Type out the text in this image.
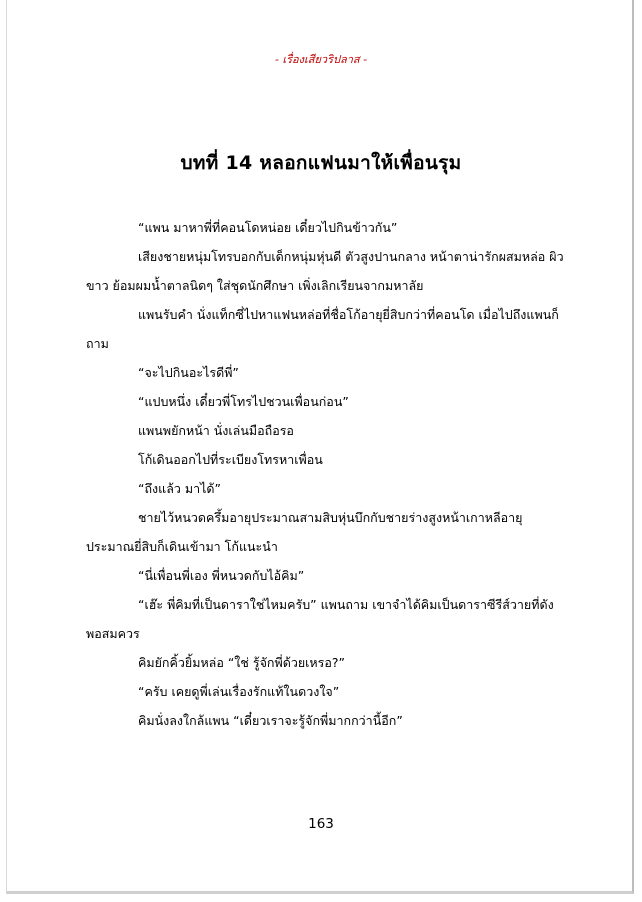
- เรื่องเสียวริปลาส -
บทที่ 14 หลอกแฟนมาให้เพื่อนรุม

“แพน มาหาพี่ที่คอนโดหน่อย เดี๋ยวไปกินข้าวกัน”

เสียงชายหนุ่มโทรบอกกับเด็กหนุ่มหุ่นดี ตัวสูงปานกลาง หน้าตาน่ารักผสมหล่อ ผิวขาว ย้อมผมน้ำตาลนิดๆ ใส่ชุดนักศึกษา เพิ่งเลิกเรียนจากมหาลัย

แพนรับคำ นั่งแท็กซี่ไปหาแฟนหล่อที่ชื่อโก้อายุยี่สิบกว่าที่คอนโด เมื่อไปถึงแพนก็ถาม

“จะไปกินอะไรดีพี่”

“แปบหนึ่ง เดี๋ยวพี่โทรไปชวนเพื่อนก่อน”

แพนพยักหน้า นั่งเล่นมือถือรอ

โก้เดินออกไปที่ระเบียงโทรหาเพื่อน

“ถึงแล้ว มาได้”

ชายไว้หนวดครึ้มอายุประมาณสามสิบหุ่นบึกกับชายร่างสูงหน้าเกาหลีอายุประมาณยี่สิบก็เดินเข้ามา โก้แนะนำ

“นี่เพื่อนพี่เอง พี่หนวดกับไอ้คิม”

“เฮ๊ะ พี่คิมที่เป็นดาราใช่ไหมครับ” แพนถาม เขาจำได้คิมเป็นดาราซีรีส์วายที่ดังพอสมควร

คิมยักคิ้วยิ้มหล่อ “ใช่ รู้จักพี่ด้วยเหรอ?”

“ครับ เคยดูพี่เล่นเรื่องรักแท้ในดวงใจ”

คิมนั่งลงใกล้แพน “เดี๋ยวเราจะรู้จักพี่มากกว่านี้อีก”

163
